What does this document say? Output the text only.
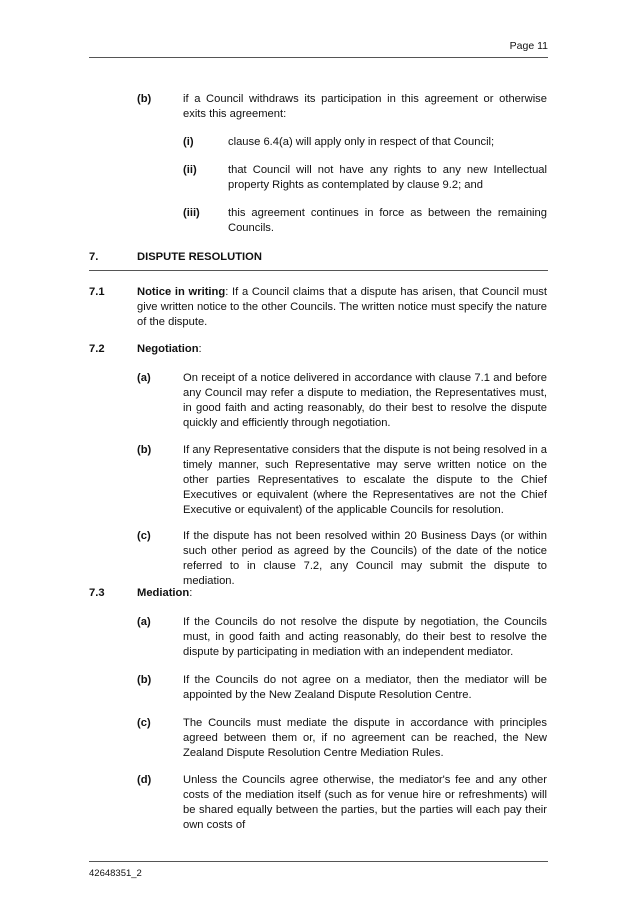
Page 11
(b)	if a Council withdraws its participation in this agreement or otherwise exits this agreement:
(i)	clause 6.4(a) will apply only in respect of that Council;
(ii)	that Council will not have any rights to any new Intellectual property Rights as contemplated by clause 9.2; and
(iii)	this agreement continues in force as between the remaining Councils.
7.	DISPUTE RESOLUTION
7.1	Notice in writing: If a Council claims that a dispute has arisen, that Council must give written notice to the other Councils. The written notice must specify the nature of the dispute.
7.2	Negotiation:
(a)	On receipt of a notice delivered in accordance with clause 7.1 and before any Council may refer a dispute to mediation, the Representatives must, in good faith and acting reasonably, do their best to resolve the dispute quickly and efficiently through negotiation.
(b)	If any Representative considers that the dispute is not being resolved in a timely manner, such Representative may serve written notice on the other parties Representatives to escalate the dispute to the Chief Executives or equivalent (where the Representatives are not the Chief Executive or equivalent) of the applicable Councils for resolution.
(c)	If the dispute has not been resolved within 20 Business Days (or within such other period as agreed by the Councils) of the date of the notice referred to in clause 7.2, any Council may submit the dispute to mediation.
7.3	Mediation:
(a)	If the Councils do not resolve the dispute by negotiation, the Councils must, in good faith and acting reasonably, do their best to resolve the dispute by participating in mediation with an independent mediator.
(b)	If the Councils do not agree on a mediator, then the mediator will be appointed by the New Zealand Dispute Resolution Centre.
(c)	The Councils must mediate the dispute in accordance with principles agreed between them or, if no agreement can be reached, the New Zealand Dispute Resolution Centre Mediation Rules.
(d)	Unless the Councils agree otherwise, the mediator's fee and any other costs of the mediation itself (such as for venue hire or refreshments) will be shared equally between the parties, but the parties will each pay their own costs of
42648351_2
